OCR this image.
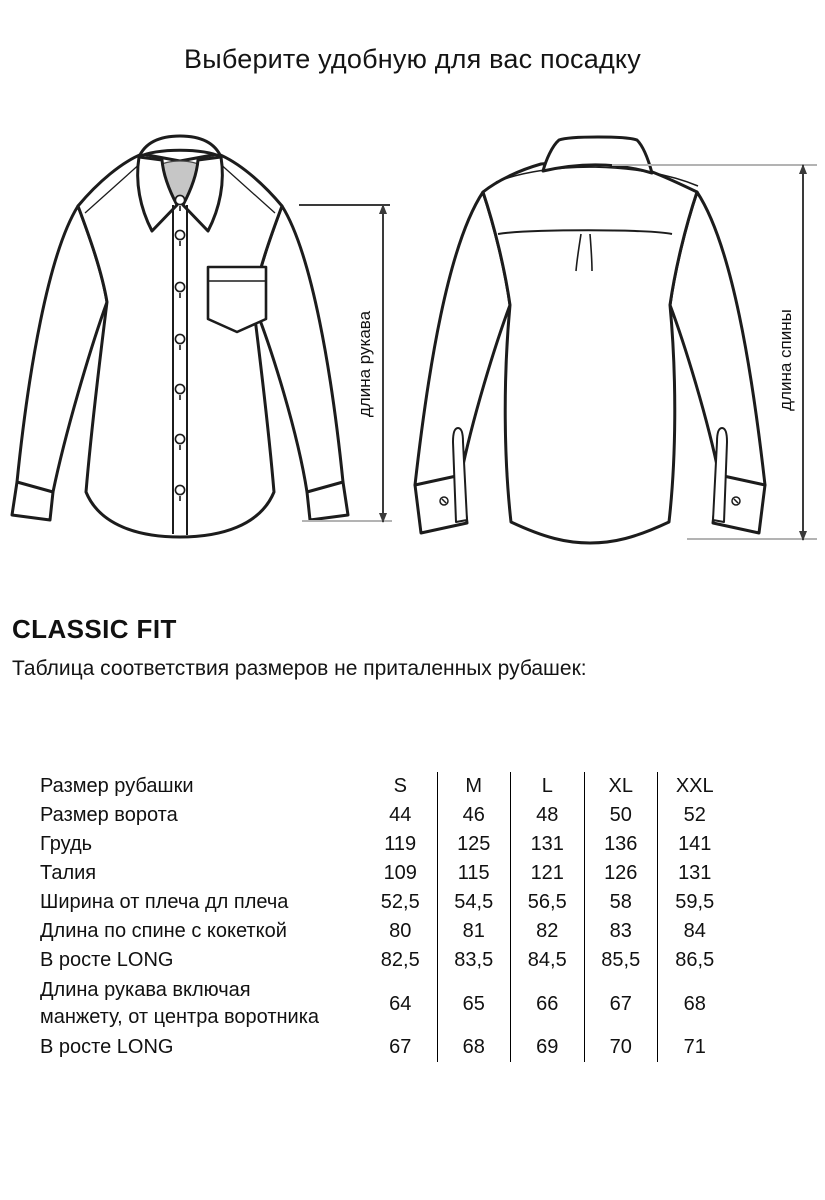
Выберите удобную для вас посадку
длина рукава	длина спины
CLASSIC FIT
Таблица соответствия размеров не приталенных рубашек:
Размер рубашки	S	M	L	XL	XXL
Размер ворота	44	46	48	50	52
Грудь	119	125	131	136	141
Талия	109	115	121	126	131
Ширина от плеча дл плеча	52,5	54,5	56,5	58	59,5
Длина по спине с кокеткой	80	81	82	83	84
В росте LONG	82,5	83,5	84,5	85,5	86,5
Длина рукава включая манжету, от центра воротника
64	65	66	67	68
В росте LONG	67	68	69	70	71
